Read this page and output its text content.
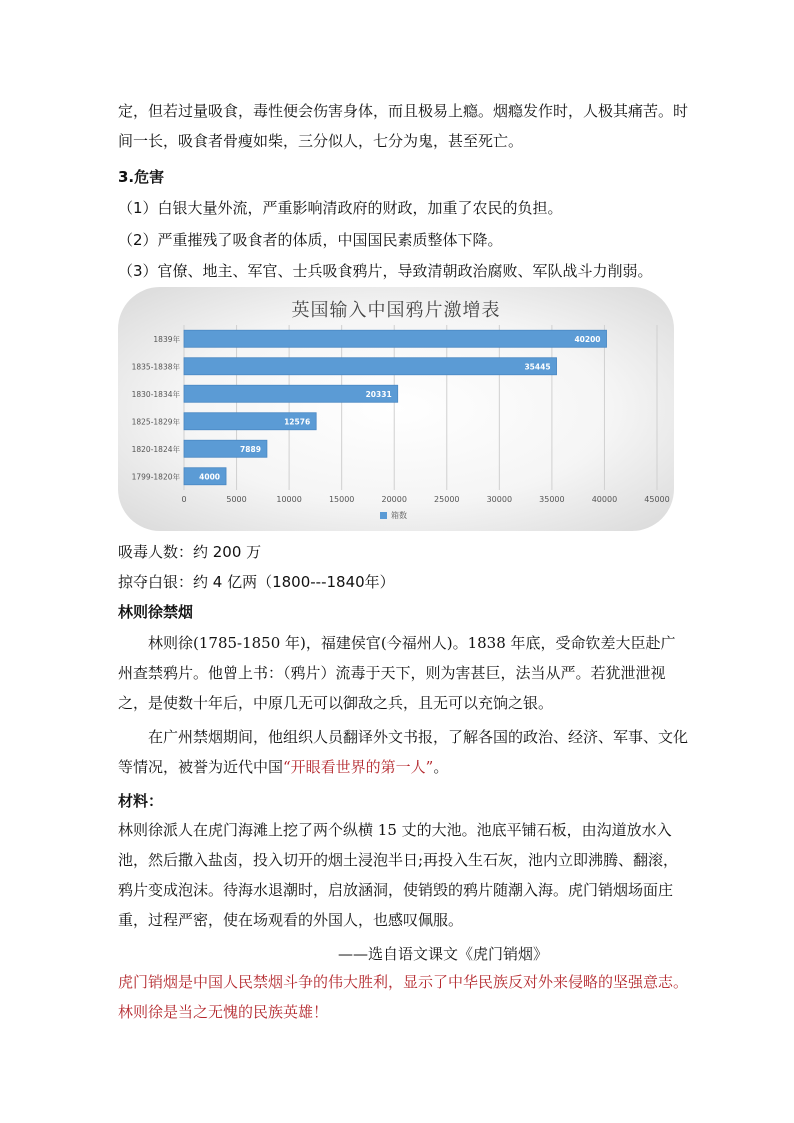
定，但若过量吸食，毒性便会伤害身体，而且极易上瘾。烟瘾发作时，人极其痛苦。时间一长，吸食者骨瘦如柴，三分似人，七分为鬼，甚至死亡。

3.危害

（1）白银大量外流，严重影响清政府的财政，加重了农民的负担。

（2）严重摧残了吸食者的体质，中国国民素质整体下降。

（3）官僚、地主、军官、士兵吸食鸦片，导致清朝政治腐败、军队战斗力削弱。

英国输入中国鸦片激增表
0	5000	10000	15000	20000	25000	30000	35000	40000	45000
1839年	40200
1835-1838年	35445
1830-1834年	20331
1825-1829年	12576
1820-1824年	7889
1799-1820年	4000
箱数

吸毒人数：约 200 万

掠夺白银：约 4 亿两（1800---1840年）

林则徐禁烟

林则徐(1785-1850 年)，福建侯官(今福州人)。1838 年底，受命钦差大臣赴广州查禁鸦片。他曾上书：（鸦片）流毒于天下，则为害甚巨，法当从严。若犹泄泄视之，是使数十年后，中原几无可以御敌之兵，且无可以充饷之银。

在广州禁烟期间，他组织人员翻译外文书报，了解各国的政治、经济、军事、文化等情况，被誉为近代中国“开眼看世界的第一人”。

材料：

林则徐派人在虎门海滩上挖了两个纵横 15 丈的大池。池底平铺石板，由沟道放水入池，然后撒入盐卤，投入切开的烟土浸泡半日;再投入生石灰，池内立即沸腾、翻滚，鸦片变成泡沫。待海水退潮时，启放涵洞，使销毁的鸦片随潮入海。虎门销烟场面庄重，过程严密，使在场观看的外国人，也感叹佩服。

——选自语文课文《虎门销烟》

虎门销烟是中国人民禁烟斗争的伟大胜利，显示了中华民族反对外来侵略的坚强意志。林则徐是当之无愧的民族英雄！
